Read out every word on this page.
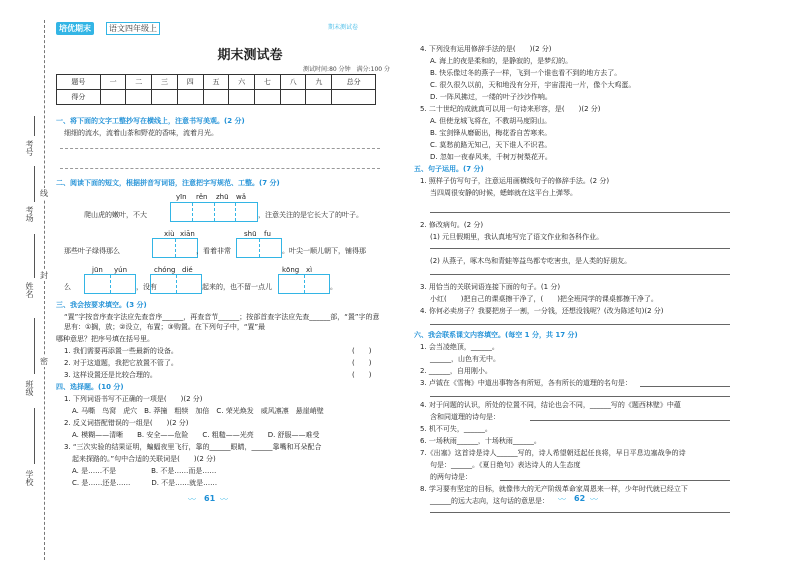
考号
考场
姓名
班级
学校
线
封
密
培优期末	语文四年级上	期末测试卷
期末测试卷
测试时间:80 分钟　满分:100 分
题号	一	二	三	四	五	六	七	八	九	总分
得分										
一、将下面的文字工整抄写在横线上，注意书写美观。(2 分)
细细的流水，流着山茶和野花的香味，流着月光。
二、阅读下面的短文，根据拼音写词语，注意把字写规范、工整。(7 分)
yīn rěn zhū wǎ
爬山虎的嫩叶，不大	，注意关注的是它长大了的叶子。
xiù xiān	shū fu
那些叶子绿得那么	，看着非常	。叶尖一顺儿朝下，铺得那
jūn yún	chóng dié	kōng xì
么	，没有	起来的，也不留一点儿	。
三、我会按要求填空。(3 分)
“置”字按音序查字法应先查音序______，再查音节______；按部首查字法应先查______部，“置”字的意思有：①搁，放；②设立，布置；③购置。在下列句子中，“置”最
哪种意思？把序号填在括号里。
1. 我们需要再添置一些最新的设备。	(　　)
2. 对于这道题，我把它放置不管了。	(　　)
3. 这样设置还是比较合理的。	(　　)
四、选择题。(10 分)
1. 下列词语书写不正确的一项是(　　)(2 分)
A. 马嘶　鸟窝　虎穴　B. 莽撞　粗犊　加倍　C. 荣光焕发　威风凛凛　悬崖峭壁
2. 反义词搭配错误的一组是(　　)(2 分)
A. 模糊——清晰　　B. 安全——危险　　C. 粗糙——光亮　　D. 舒服——难受
3. “三次实验的结果证明，蝙蝠夜里飞行，靠的______眼睛，______靠嘴和耳朵配合
起来探路的。”句中合适的关联词是(　　)(2 分)
A. 是……不是　　　　　B. 不是……而是……
C. 是……还是……　　　D. 不是……就是……
〰 61 〰
4. 下列没有运用修辞手法的是(　　)(2 分)
A. 海上的夜是柔和的，是静寂的，是梦幻的。
B. 快乐像过冬的燕子一样，飞到一个谁也看不到的地方去了。
C. 很久很久以前，天和地没有分开，宇宙混沌一片，像个大鸡蛋。
D. 一阵风拂过，一缕的叶子沙沙作响。
5. 二十世纪的成就真可以用一句诗来形容，是(　　)(2 分)
A. 但使龙城飞将在，不教胡马度阴山。
B. 宝剑锋从磨砺出，梅花香自苦寒来。
C. 莫愁前路无知己，天下谁人不识君。
D. 忽如一夜春风来，千树万树梨花开。
五、句子运用。(7 分)
1. 照样子仿写句子，注意运用画横线句子的修辞手法。(2 分)
当四周很安静的时候，蟋蟀就在这平台上弹琴。
2. 修改病句。(2 分)
(1) 元旦假期里，我认真地写完了语文作业和各科作业。
(2) 从燕子，啄木鸟和青蛙等益鸟都专吃害虫，是人类的好朋友。
3. 用恰当的关联词语连接下面的句子。(1 分)
小红(　　)把自己的课桌擦干净了，(　　)把全班同学的课桌都擦干净了。
4. 你何必卖房子？我要把房子一割，一分钱，还想没钱呢？(改为陈述句)(2 分)
六、我会联系课文内容填空。(每空 1 分，共 17 分)
1. 会当凌绝顶，______。
______，山色有无中。
2. ______，自用刚小。
3. 卢钺在《雪梅》中道出事物各有所短，各有所长的道理的名句是：
4. 对于问题的认识，所处的位置不同，结论也会不同，______写的《题西林壁》中蕴
含和同道理的诗句是：
5. 机不可失，______。
6. 一场秋雨______，十场秋雨______。
7.《出塞》这首诗是诗人______写的，诗人希望朝廷起任良将，早日平息边塞战争的诗
句是：______。《夏日绝句》表达诗人的人生态度
的两句诗是：
8. 学习要有坚定的目标，就像伟大的无产阶级革命家周恩来一样，少年时代就已经立下
______的远大志向，这句话的意思是： 〰 62 〰
